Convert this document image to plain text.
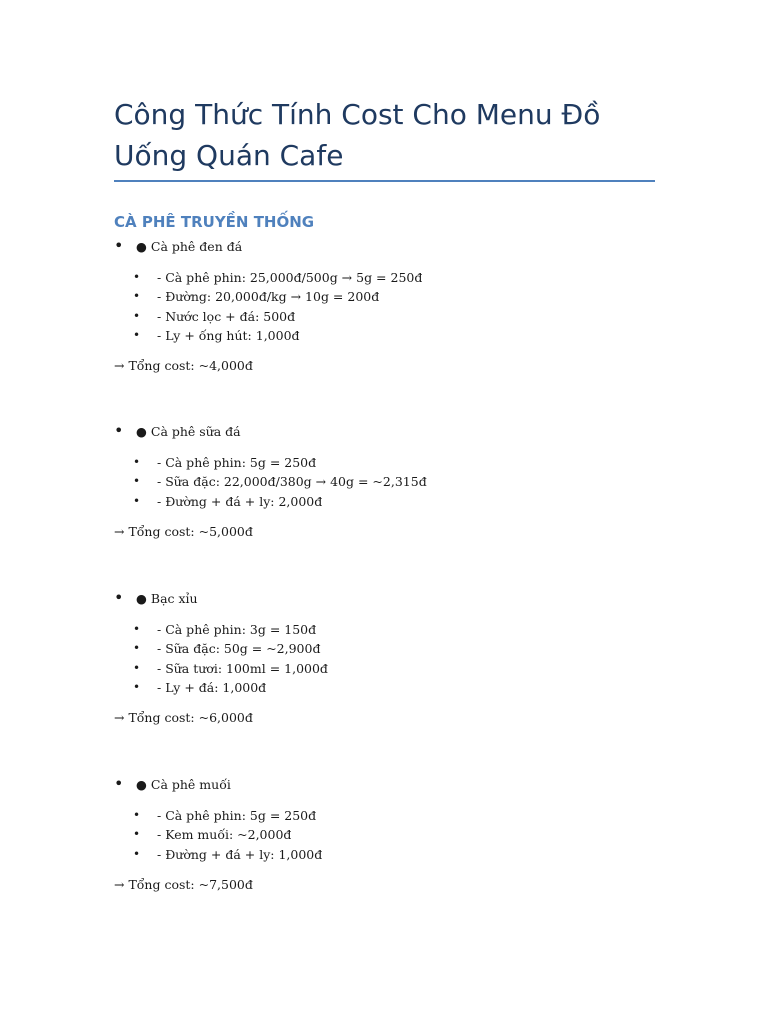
Công Thức Tính Cost Cho Menu Đồ Uống Quán Cafe
CÀ PHÊ TRUYỀN THỐNG
• ● Cà phê đen đá
• - Cà phê phin: 25,000đ/500g → 5g = 250đ
• - Đường: 20,000đ/kg → 10g = 200đ
• - Nước lọc + đá: 500đ
• - Ly + ống hút: 1,000đ
→ Tổng cost: ~4,000đ
• ● Cà phê sữa đá
• - Cà phê phin: 5g = 250đ
• - Sữa đặc: 22,000đ/380g → 40g = ~2,315đ
• - Đường + đá + ly: 2,000đ
→ Tổng cost: ~5,000đ
• ● Bạc xỉu
• - Cà phê phin: 3g = 150đ
• - Sữa đặc: 50g = ~2,900đ
• - Sữa tươi: 100ml = 1,000đ
• - Ly + đá: 1,000đ
→ Tổng cost: ~6,000đ
• ● Cà phê muối
• - Cà phê phin: 5g = 250đ
• - Kem muối: ~2,000đ
• - Đường + đá + ly: 1,000đ
→ Tổng cost: ~7,500đ
